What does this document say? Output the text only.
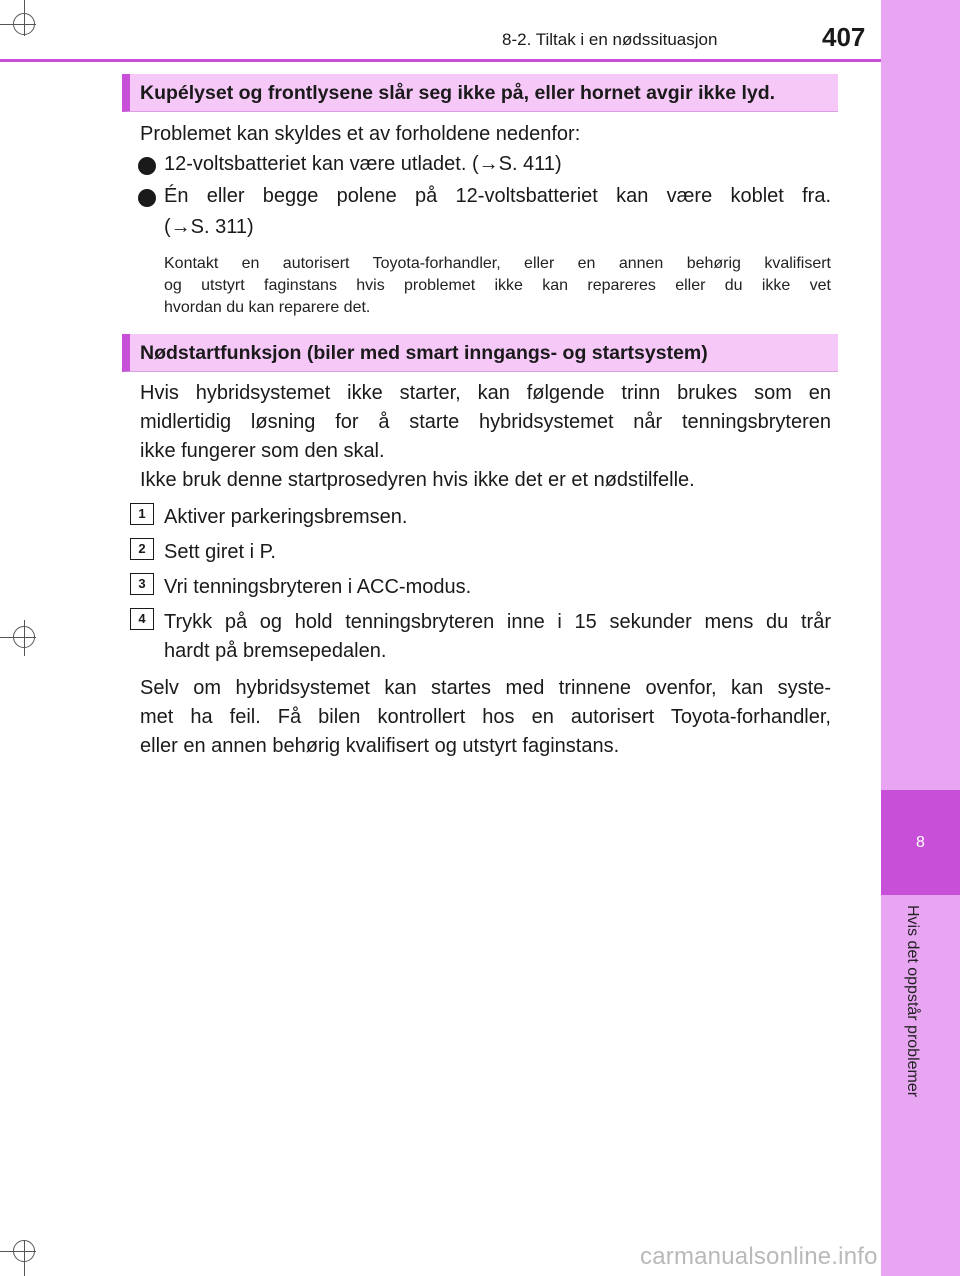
8
Hvis det oppstår problemer
8-2. Tiltak i en nødssituasjon	407
Kupélyset og frontlysene slår seg ikke på, eller hornet avgir ikke lyd.
Problemet kan skyldes et av forholdene nedenfor:
12-voltsbatteriet kan være utladet. (→S. 411)
Én eller begge polene på 12-voltsbatteriet kan være koblet fra.
(→S. 311)
Kontakt en autorisert Toyota-forhandler, eller en annen behørig kvalifisert
og utstyrt faginstans hvis problemet ikke kan repareres eller du ikke vet
hvordan du kan reparere det.
Nødstartfunksjon (biler med smart inngangs- og startsystem)
Hvis hybridsystemet ikke starter, kan følgende trinn brukes som en
midlertidig løsning for å starte hybridsystemet når tenningsbryteren
ikke fungerer som den skal.
Ikke bruk denne startprosedyren hvis ikke det er et nødstilfelle.
1 Aktiver parkeringsbremsen.
2 Sett giret i P.
3 Vri tenningsbryteren i ACC-modus.
4 Trykk på og hold tenningsbryteren inne i 15 sekunder mens du trår
hardt på bremsepedalen.
Selv om hybridsystemet kan startes med trinnene ovenfor, kan syste-
met ha feil. Få bilen kontrollert hos en autorisert Toyota-forhandler,
eller en annen behørig kvalifisert og utstyrt faginstans.
carmanualsonline.info
